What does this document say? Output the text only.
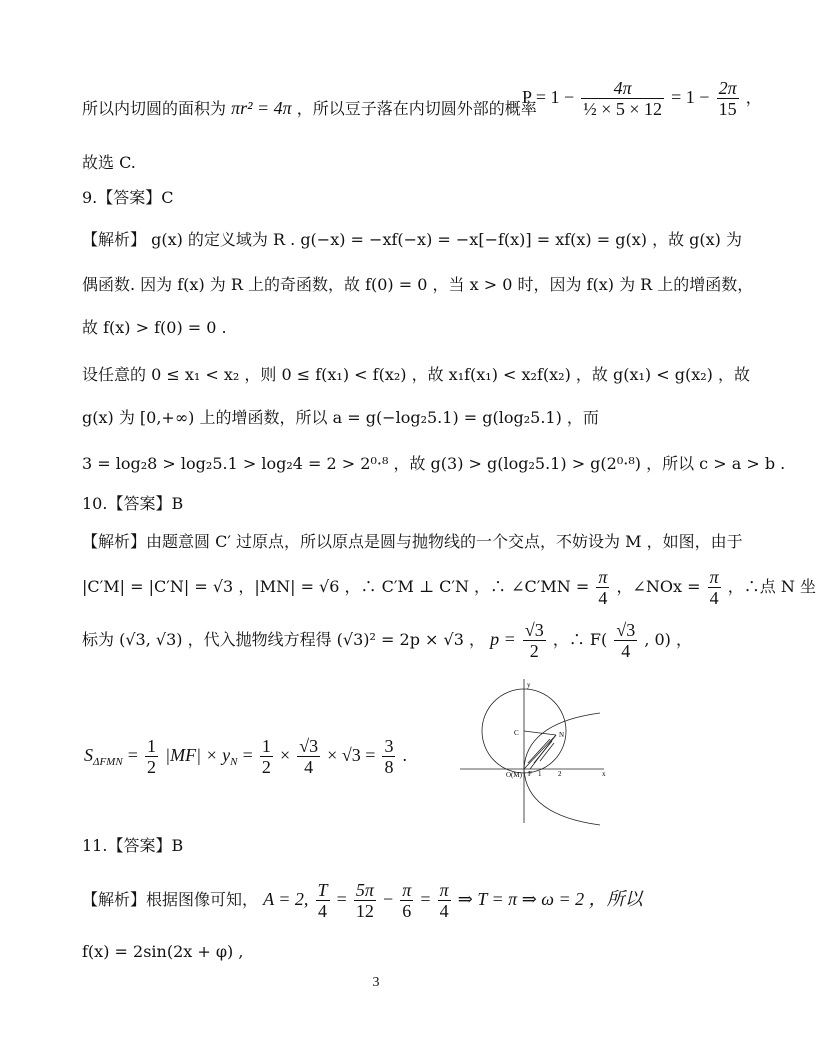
所以内切圆的面积为 πr² = 4π ，所以豆子落在内切圆外部的概率
$P = 1 - \frac{4\pi}{\text{½ × 5 × 12}} = 1 - \frac{2\pi}{15}$ ，
故选 C.
9.【答案】C
【解析】 g(x) 的定义域为 R . g(−x) = −xf(−x) = −x[−f(x)] = xf(x) = g(x) ，故 g(x) 为
偶函数. 因为 f(x) 为 R 上的奇函数，故 f(0) = 0 ，当 x > 0 时，因为 f(x) 为 R 上的增函数，
故 f(x) > f(0) = 0 .
设任意的 0 ≤ x₁ < x₂ ，则 0 ≤ f(x₁) < f(x₂) ，故 x₁f(x₁) < x₂f(x₂) ，故 g(x₁) < g(x₂) ，故
g(x) 为 [0,+∞) 上的增函数，所以 a = g(−log₂5.1) = g(log₂5.1) ，而
3 = log₂8 > log₂5.1 > log₂4 = 2 > 2⁰·⁸ ，故 g(3) > g(log₂5.1) > g(2⁰·⁸) ，所以 c > a > b .
10.【答案】B
【解析】由题意圆 C′ 过原点，所以原点是圆与抛物线的一个交点，不妨设为 M ，如图，由于
|C′M| = |C′N| = √3 ，|MN| = √6 ，∴ C′M ⊥ C′N ，∴ ∠C′MN = $\frac{\pi}{4}$ ，∠NOx = $\frac{\pi}{4}$ ，∴点 N 坐
标为 (√3, √3) ，代入抛物线方程得 (√3)² = 2p × √3 ， $p = \frac{√3}{2}$ ，∴ $F( \frac{√3}{4}$ , 0) ，
$S_{\Delta FMN} = \frac{1}{2} |MF| \times y_N = \frac{1}{2} \times \frac{√3}{4} \times √3 = \frac{3}{8}$ .
y
x
C	N
O(M) F 1 2
11.【答案】B
【解析】根据图像可知， A = 2, $\frac{T}{4} = \frac{5\pi}{12} - \frac{\pi}{6} = \frac{\pi}{4}$ ⇒ T = π ⇒ ω = 2 ，所以
f(x) = 2sin(2x + φ) ,
3
